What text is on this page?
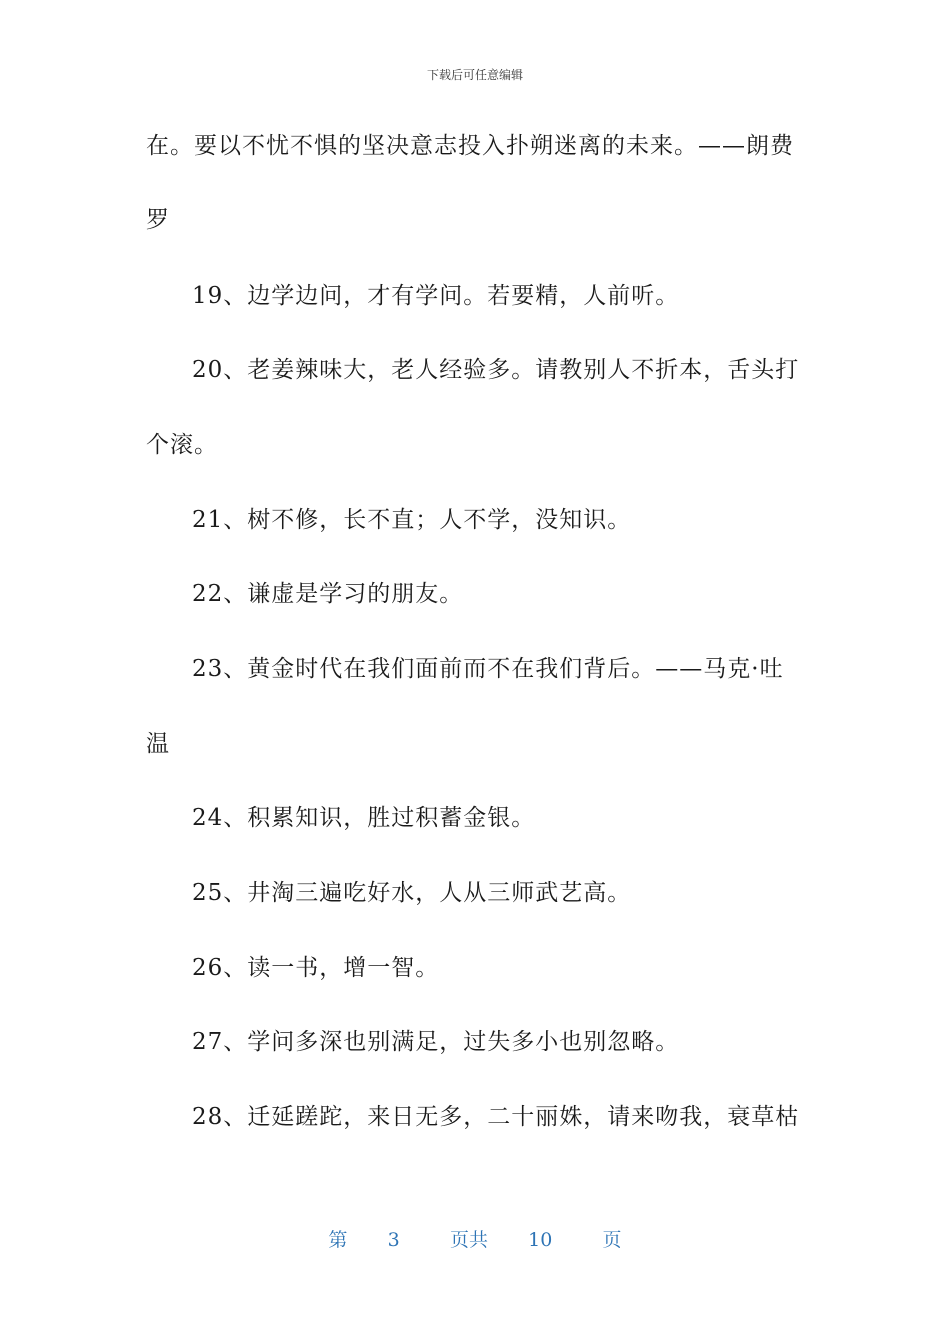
下载后可任意编辑
在。要以不忧不惧的坚决意志投入扑朔迷离的未来。——朗费
罗
19、边学边问，才有学问。若要精，人前听。
20、老姜辣味大，老人经验多。请教别人不折本，舌头打
个滚。
21、树不修，长不直；人不学，没知识。
22、谦虚是学习的朋友。
23、黄金时代在我们面前而不在我们背后。——马克·吐
温
24、积累知识，胜过积蓄金银。
25、井淘三遍吃好水，人从三师武艺高。
26、读一书，增一智。
27、学问多深也别满足，过失多小也别忽略。
28、迁延蹉跎，来日无多，二十丽姝，请来吻我，衰草枯
第 3	页共 10	页
